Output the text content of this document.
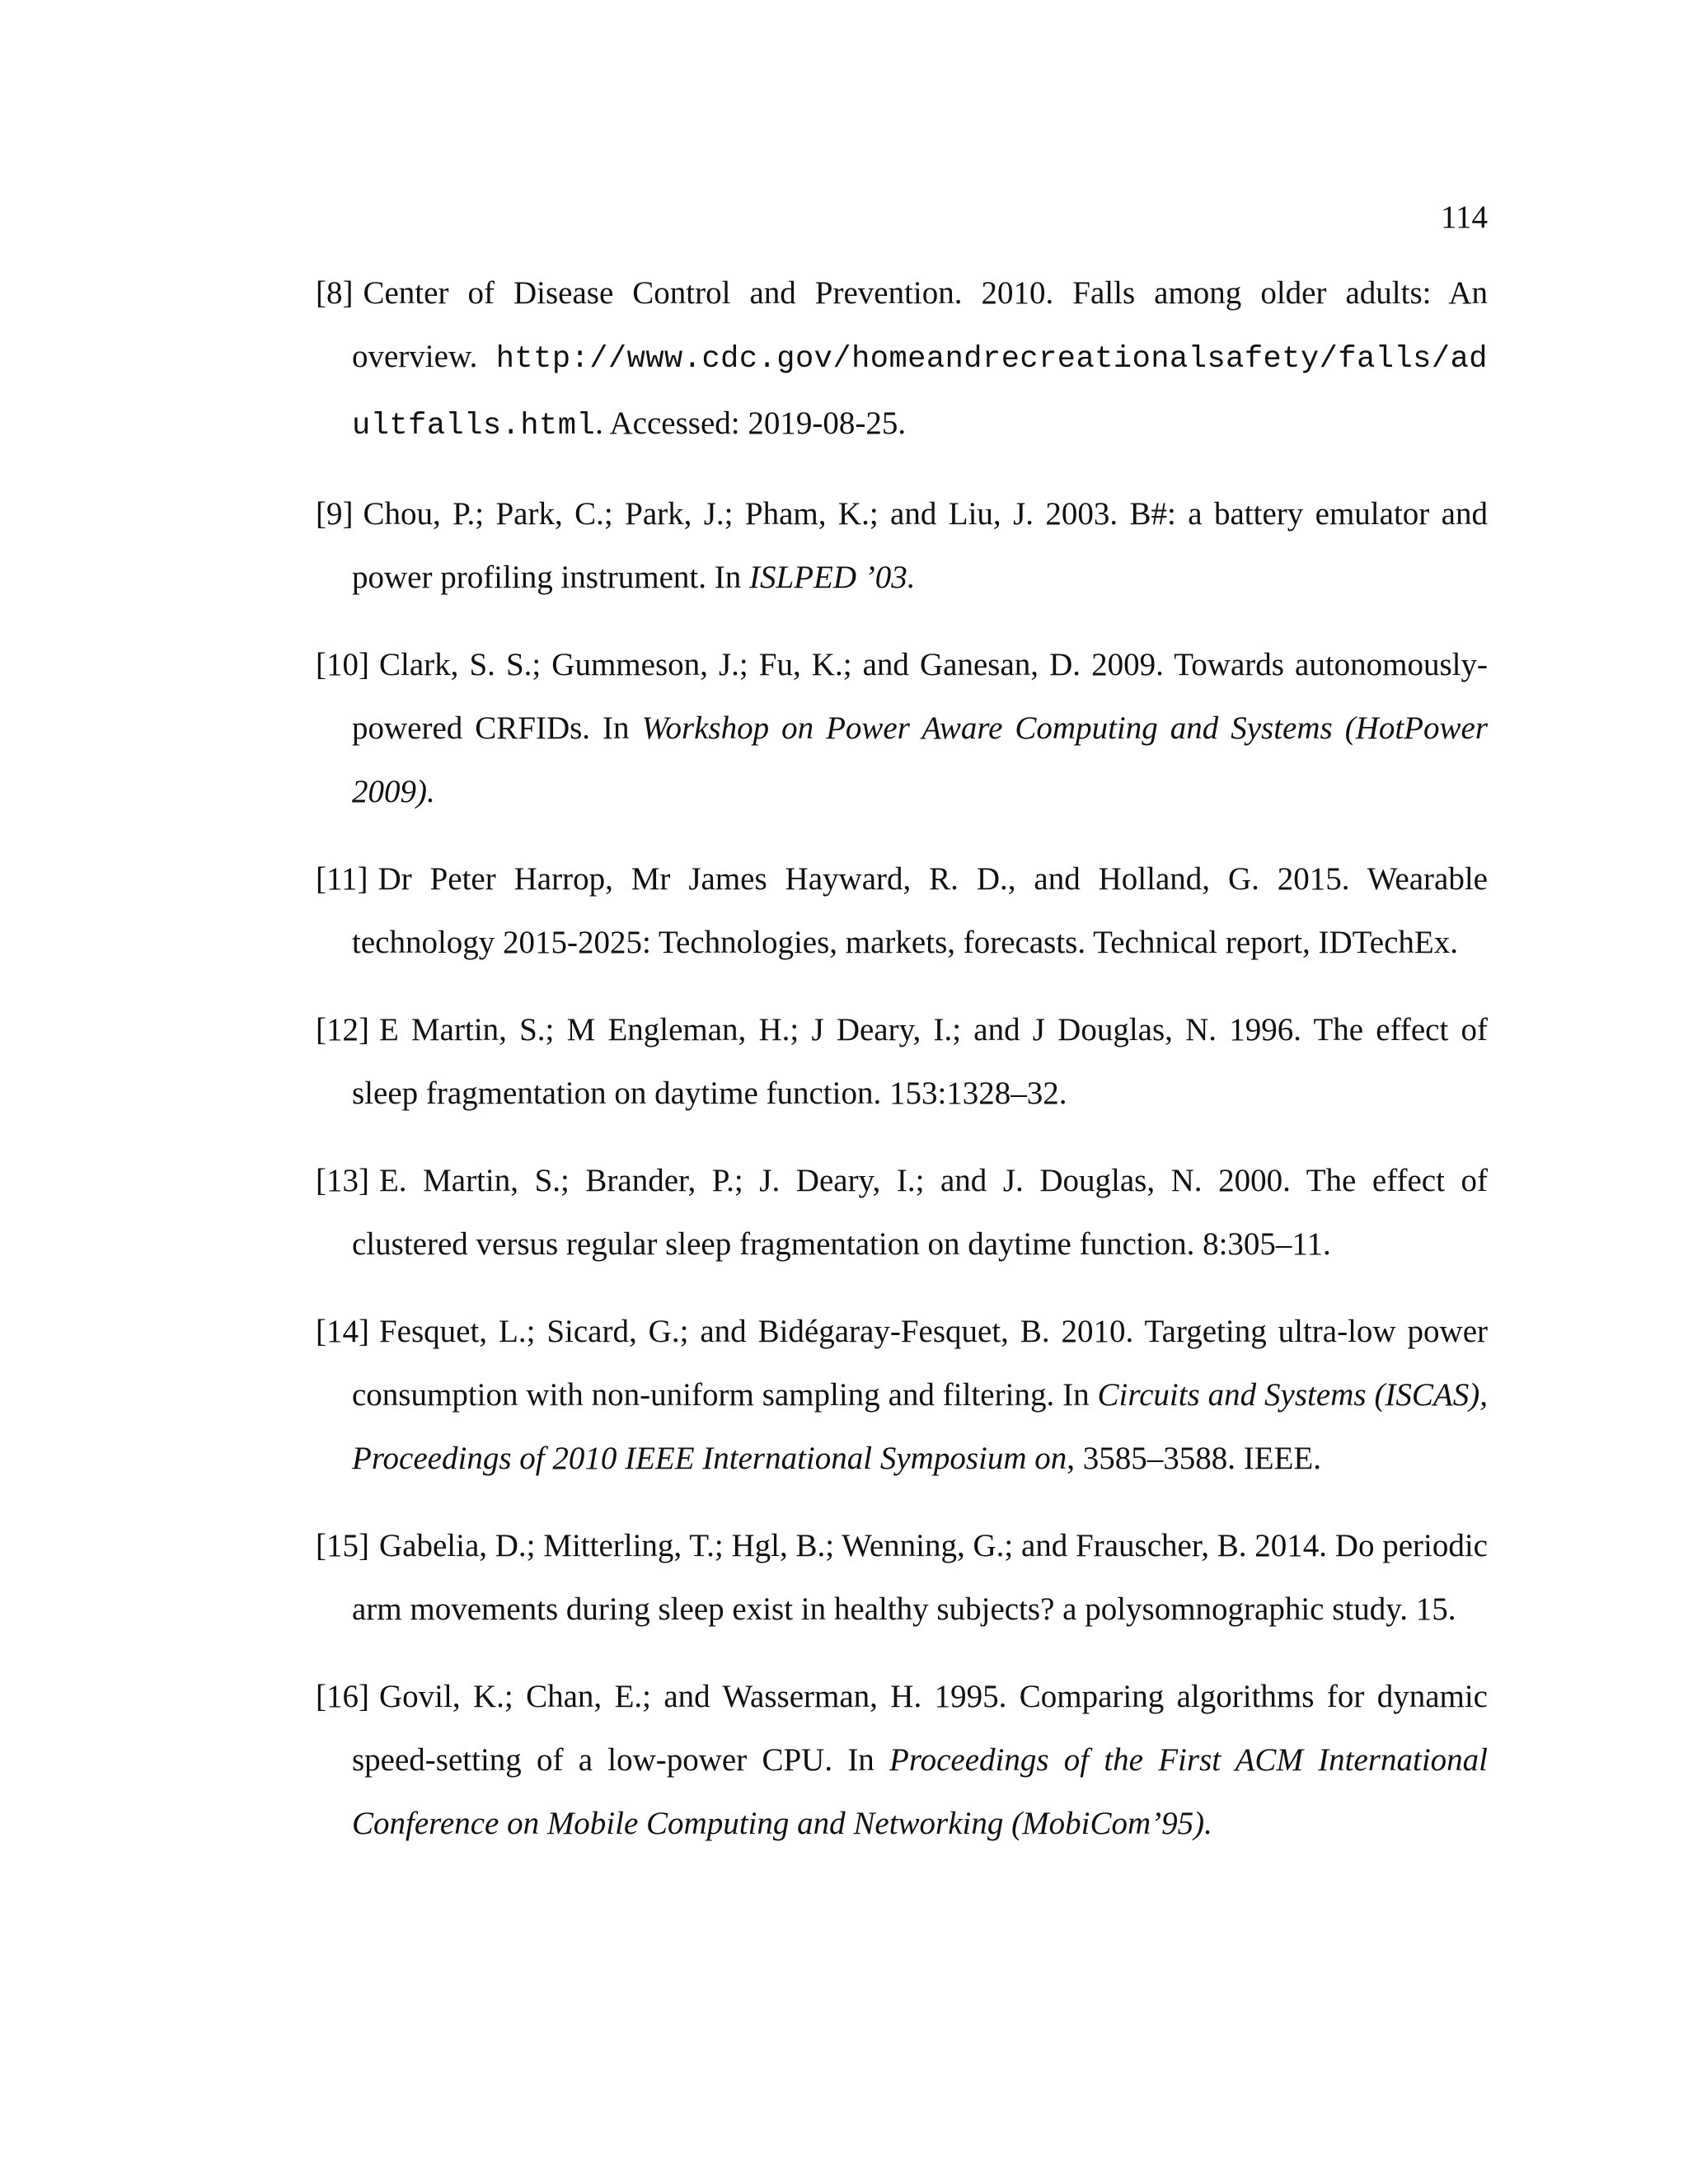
114
[8] Center of Disease Control and Prevention. 2010. Falls among older adults: An overview. http://www.cdc.gov/homeandrecreationalsafety/falls/adultfalls.html. Accessed: 2019-08-25.
[9] Chou, P.; Park, C.; Park, J.; Pham, K.; and Liu, J. 2003. B#: a battery emulator and power profiling instrument. In ISLPED ’03.
[10] Clark, S. S.; Gummeson, J.; Fu, K.; and Ganesan, D. 2009. Towards autonomously-powered CRFIDs. In Workshop on Power Aware Computing and Systems (HotPower 2009).
[11] Dr Peter Harrop, Mr James Hayward, R. D., and Holland, G. 2015. Wearable technology 2015-2025: Technologies, markets, forecasts. Technical report, IDTechEx.
[12] E Martin, S.; M Engleman, H.; J Deary, I.; and J Douglas, N. 1996. The effect of sleep fragmentation on daytime function. 153:1328–32.
[13] E. Martin, S.; Brander, P.; J. Deary, I.; and J. Douglas, N. 2000. The effect of clustered versus regular sleep fragmentation on daytime function. 8:305–11.
[14] Fesquet, L.; Sicard, G.; and Bidégaray-Fesquet, B. 2010. Targeting ultra-low power consumption with non-uniform sampling and filtering. In Circuits and Systems (ISCAS), Proceedings of 2010 IEEE International Symposium on, 3585–3588. IEEE.
[15] Gabelia, D.; Mitterling, T.; Hgl, B.; Wenning, G.; and Frauscher, B. 2014. Do periodic arm movements during sleep exist in healthy subjects? a polysomnographic study. 15.
[16] Govil, K.; Chan, E.; and Wasserman, H. 1995. Comparing algorithms for dynamic speed-setting of a low-power CPU. In Proceedings of the First ACM International Conference on Mobile Computing and Networking (MobiCom’95).
